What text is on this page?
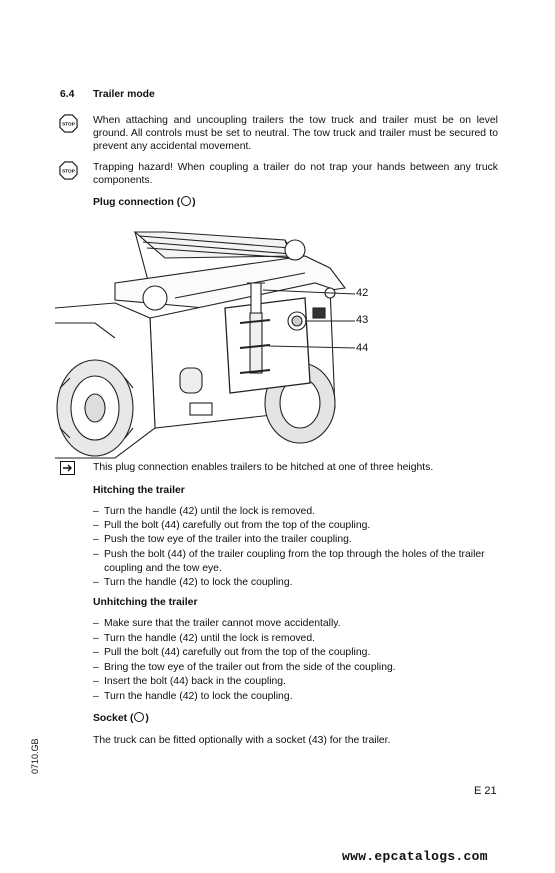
6.4 Trailer mode
STOP When attaching and uncoupling trailers the tow truck and trailer must be on level ground. All controls must be set to neutral. The tow truck and trailer must be secured to prevent any accidental movement.
STOP Trapping hazard! When coupling a trailer do not trap your hands between any truck components.
Plug connection ( )
42
43
44
This plug connection enables trailers to be hitched at one of three heights.
Hitching the trailer
– Turn the handle (42) until the lock is removed.
– Pull the bolt (44) carefully out from the top of the coupling.
– Push the tow eye of the trailer into the trailer coupling.
– Push the bolt (44) of the trailer coupling from the top through the holes of the trailer coupling and the tow eye.
– Turn the handle (42) to lock the coupling.
Unhitching the trailer
– Make sure that the trailer cannot move accidentally.
– Turn the handle (42) until the lock is removed.
– Pull the bolt (44) carefully out from the top of the coupling.
– Bring the tow eye of the trailer out from the side of the coupling.
– Insert the bolt (44) back in the coupling.
– Turn the handle (42) to lock the coupling.
Socket ( )
The truck can be fitted optionally with a socket (43) for the trailer.
0710.GB
E 21
www.epcatalogs.com
